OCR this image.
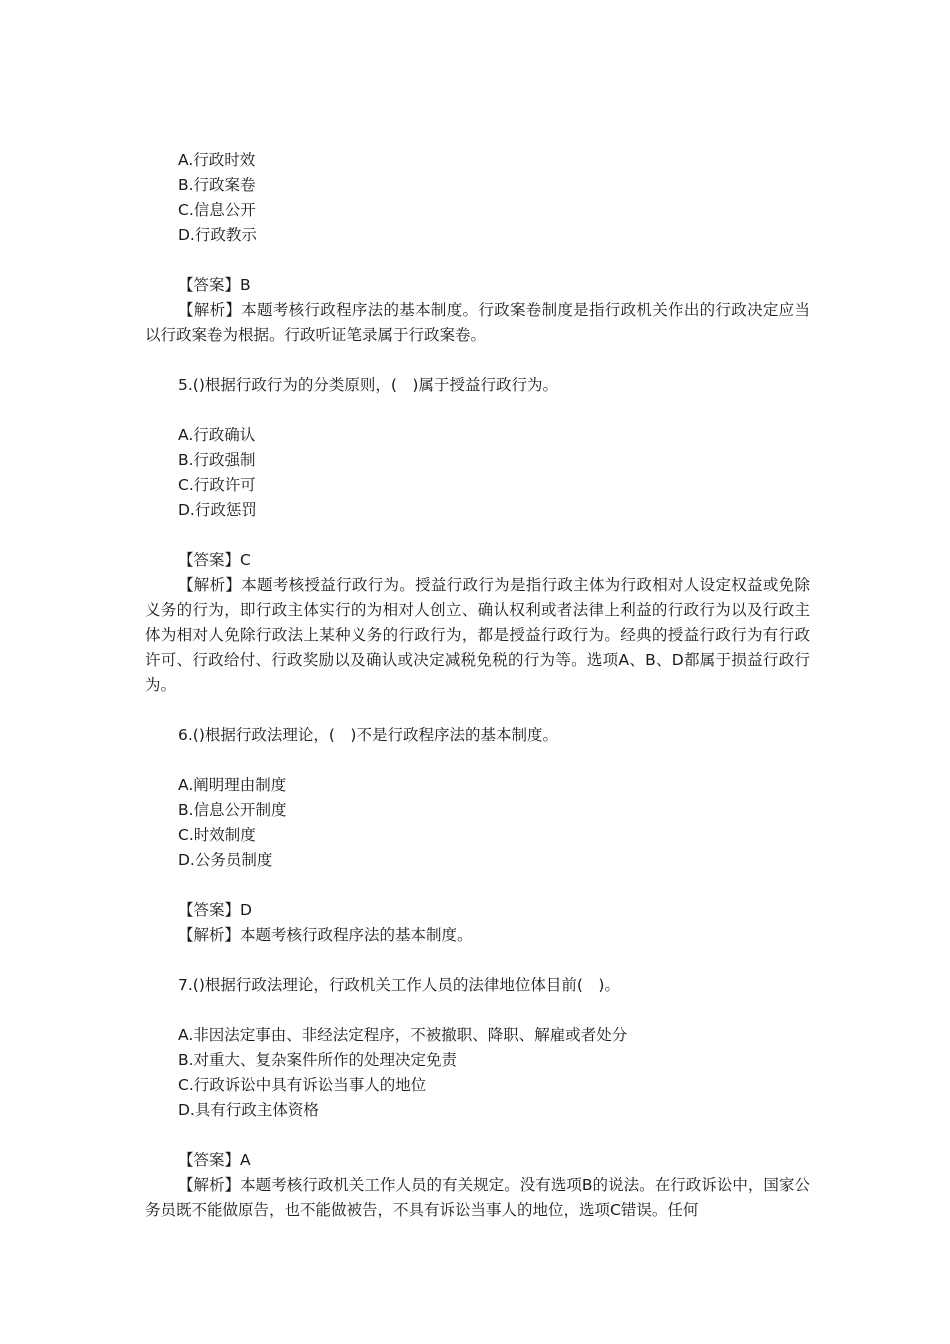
A.行政时效
B.行政案卷
C.信息公开
D.行政教示
【答案】B
【解析】本题考核行政程序法的基本制度。行政案卷制度是指行政机关作出的行政决定应当以行政案卷为根据。行政听证笔录属于行政案卷。
5.()根据行政行为的分类原则，(　)属于授益行政行为。
A.行政确认
B.行政强制
C.行政许可
D.行政惩罚
【答案】C
【解析】本题考核授益行政行为。授益行政行为是指行政主体为行政相对人设定权益或免除义务的行为，即行政主体实行的为相对人创立、确认权利或者法律上利益的行政行为以及行政主体为相对人免除行政法上某种义务的行政行为，都是授益行政行为。经典的授益行政行为有行政许可、行政给付、行政奖励以及确认或决定减税免税的行为等。选项A、B、D都属于损益行政行为。
6.()根据行政法理论，(　)不是行政程序法的基本制度。
A.阐明理由制度
B.信息公开制度
C.时效制度
D.公务员制度
【答案】D
【解析】本题考核行政程序法的基本制度。
7.()根据行政法理论，行政机关工作人员的法律地位体目前(　)。
A.非因法定事由、非经法定程序，不被撤职、降职、解雇或者处分
B.对重大、复杂案件所作的处理决定免责
C.行政诉讼中具有诉讼当事人的地位
D.具有行政主体资格
【答案】A
【解析】本题考核行政机关工作人员的有关规定。没有选项B的说法。在行政诉讼中，国家公务员既不能做原告，也不能做被告，不具有诉讼当事人的地位，选项C错误。任何
